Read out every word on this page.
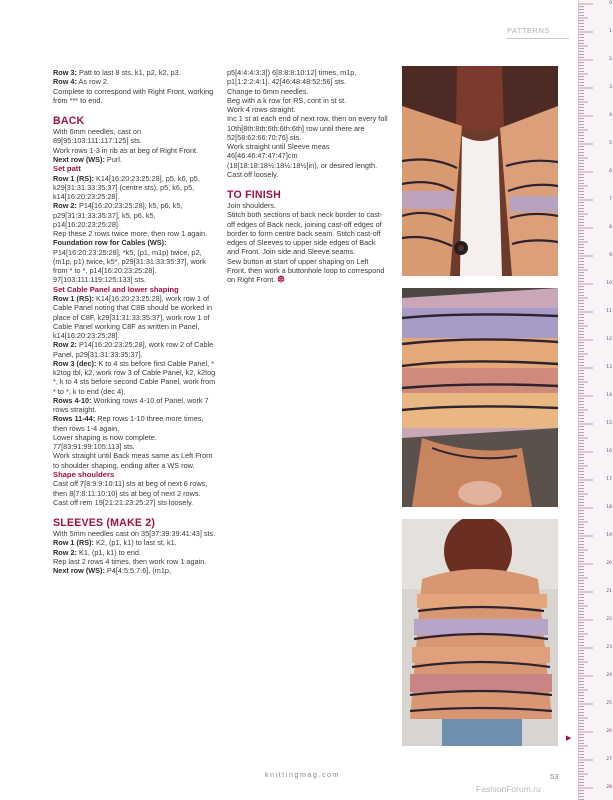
PATTERNS
0
1
2
3
4
5
6
7
8
9
10
11
12
13
14
15
16
17
18
19
20
21
22
23
24
25
26
27
28

Row 3: Patt to last 8 sts, k1, p2, k2, p3.

Row 4: As row 2.

Complete to correspond with Right Front, working from *** to end.

BACK

With 6mm needles, cast on 89[95:103:111:117:125] sts.

Work rows 1-3 in rib as at beg of Right Front.

Next row (WS): Purl.

Set patt

Row 1 (RS): K14[16:20:23:25:28], p5, k6, p5, k29[31:31:33:35:37] (centre sts), p5, k6, p5, k14[16:20:23:25:28].

Row 2: P14[16:20:23:25:28], k5, p6, k5, p29[31:31:33:35:37], k5, p6, k5, p14[16:20:23:25:28].

Rep these 2 rows twice more, then row 1 again.

Foundation row for Cables (WS): P14[16:20:23:25:28], *k5, (p1, m1p) twice, p2, (m1p, p1) twice, k5*, p29[31:31:33:35:37], work from * to *, p14[16:20:23:25:28]. 97[103:111:119:125:133] sts.

Set Cable Panel and lower shaping

Row 1 (RS): K14[16:20:23:25:28], work row 1 of Cable Panel noting that C8B should be worked in place of C8F, k29[31:31:33:35:37], work row 1 of Cable Panel working C8F as written in Panel, k14[16:20:23:25:28].

Row 2: P14[16:20:23:25:28], work row 2 of Cable Panel, p29[31:31:33:35:37].

Row 3 (dec): K to 4 sts before first Cable Panel, * k2tog tbl, k2, work row 3 of Cable Panel, k2, k2tog *, k to 4 sts before second Cable Panel, work from * to *, k to end (dec 4).

Rows 4-10: Working rows 4-10 of Panel, work 7 rows straight.

Rows 11-44: Rep rows 1-10 three more times, then rows 1-4 again.

Lower shaping is now complete. 77[83:91:99:105:113] sts.

Work straight until Back meas same as Left Front to shoulder shaping, ending after a WS row.

Shape shoulders

Cast off 7[8:9:9:10:11] sts at beg of next 6 rows, then 8[7:8:11:10:10] sts at beg of next 2 rows.

Cast off rem 19[21:21:23:25:27] sts loosely.

SLEEVES (MAKE 2)

With 5mm needles cast on 35[37:39:39:41:43] sts.

Row 1 (RS): K2, (p1, k1) to last st, k1.

Row 2: K1, (p1, k1) to end.

Rep last 2 rows 4 times, then work row 1 again.

Next row (WS): P4[4:5:5:7:6], (m1p,

p5[4:4:4:3:3]) 6[8:8:8:10:12] times, m1p, p1[1:2:2:4:1]. 42[46:48:48:52:56] sts.

Change to 6mm needles.

Beg with a k row for RS, cont in st st.

Work 4 rows straight.

Inc 1 st at each end of next row, then on every foll 10th[8th:8th:6th:6th:6th] row until there are 52[58:62:66:70:76] sts.

Work straight until Sleeve meas 46[46:46:47:47:47]cm (18[18:18:18½:18½:18½]in), or desired length.

Cast off loosely.

TO FINISH

Join shoulders.

Stitch both sections of back neck border to cast-off edges of Back neck, joining cast-off edges of border to form centre back seam. Stitch cast-off edges of Sleeves to upper side edges of Back and Front. Join side and Sleeve seams.

Sew button at start of upper shaping on Left Front, then work a buttonhole loop to correspond on Right Front.

▶
knittingmag.com	53
FashionForum.ru
